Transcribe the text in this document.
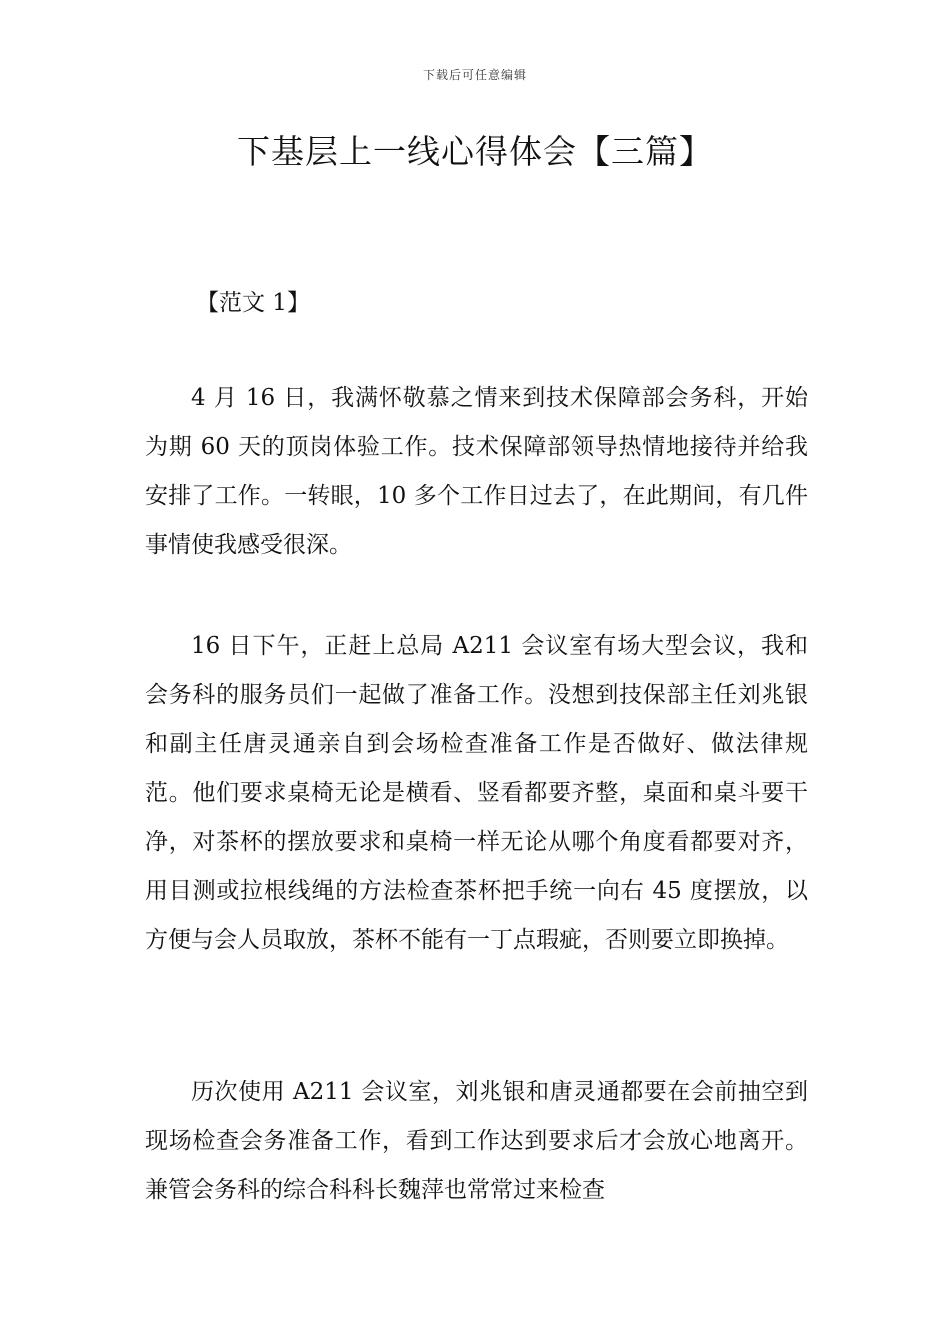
下载后可任意编辑
下基层上一线心得体会【三篇】
【范文 1】

4 月 16 日，我满怀敬慕之情来到技术保障部会务科，开始为期 60 天的顶岗体验工作。技术保障部领导热情地接待并给我安排了工作。一转眼，10 多个工作日过去了，在此期间，有几件事情使我感受很深。

16 日下午，正赶上总局 A211 会议室有场大型会议，我和会务科的服务员们一起做了准备工作。没想到技保部主任刘兆银和副主任唐灵通亲自到会场检查准备工作是否做好、做法律规范。他们要求桌椅无论是横看、竖看都要齐整，桌面和桌斗要干净，对茶杯的摆放要求和桌椅一样无论从哪个角度看都要对齐，用目测或拉根线绳的方法检查茶杯把手统一向右 45 度摆放，以方便与会人员取放，茶杯不能有一丁点瑕疵，否则要立即换掉。

历次使用 A211 会议室，刘兆银和唐灵通都要在会前抽空到现场检查会务准备工作，看到工作达到要求后才会放心地离开。兼管会务科的综合科科长魏萍也常常过来检查
